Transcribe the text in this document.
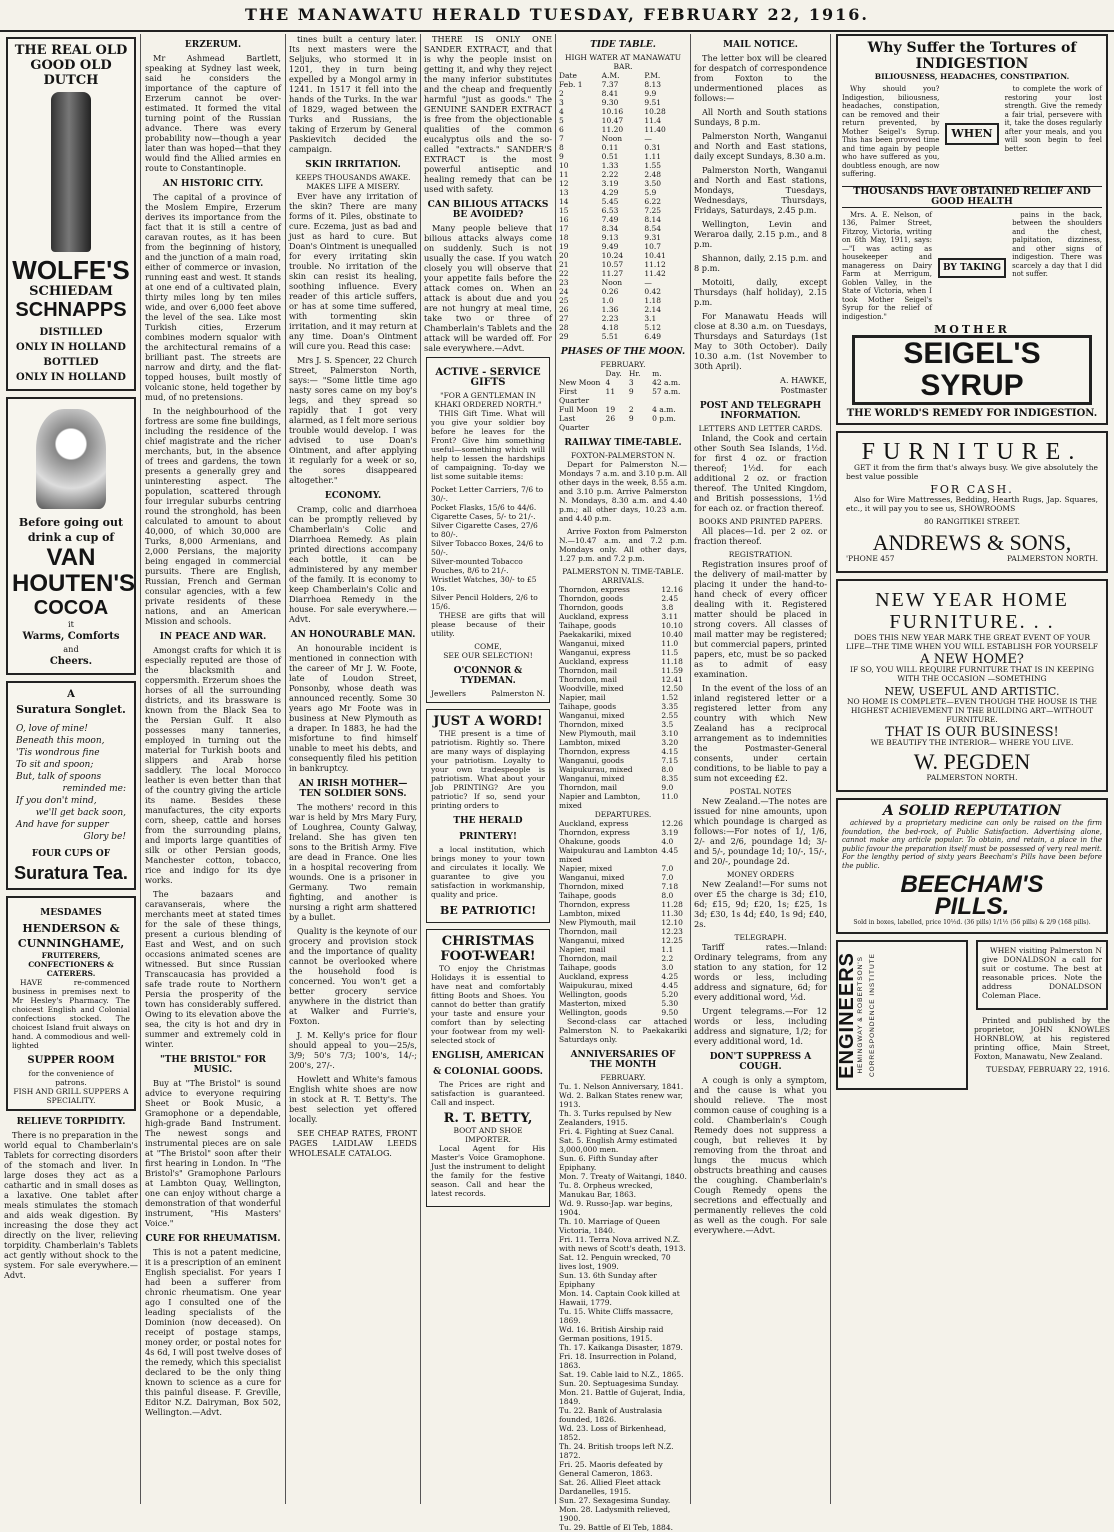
THE MANAWATU HERALD TUESDAY, FEBRUARY 22, 1916.
THE REAL OLD
GOOD OLD
DUTCH
WOLFE'S
SCHIEDAM
SCHNAPPS
DISTILLED
ONLY IN HOLLAND
BOTTLED
ONLY IN HOLLAND
Before going out
drink a cup of
VAN
HOUTEN'S
COCOA
it
Warms, Comforts
and
Cheers.
A
Suratura Songlet.
O, love of mine!
Beneath this moon,
'Tis wondrous fine
To sit and spoon;
But, talk of spoons
reminded me:
If you don't mind,
we'll get back soon,
And have for supper
Glory be!
FOUR CUPS OF
Suratura Tea.
MESDAMES
HENDERSON &
CUNNINGHAME,
FRUITERERS, CONFECTIONERS & CATERERS.

HAVE re-commenced business in premises next to Mr Hesley's Pharmacy. The choicest English and Colonial confections stocked. The choicest Island fruit always on hand. A commodious and well-lighted

SUPPER ROOM
for the convenience of patrons.
FISH AND GRILL SUPPERS A SPECIALITY.
RELIEVE TORPIDITY.

There is no preparation in the world equal to Chamberlain's Tablets for correcting disorders of the stomach and liver. In large doses they act as a cathartic and in small doses as a laxative. One tablet after meals stimulates the stomach and aids weak digestion. By increasing the dose they act directly on the liver, relieving torpidity. Chamberlain's Tablets act gently without shock to the system. For sale everywhere.—Advt.

ERZERUM.

Mr Ashmead Bartlett, speaking at Sydney last week, said he considers the importance of the capture of Erzerum cannot be over-estimated. It formed the vital turning point of the Russian advance. There was every probability now—though a year later than was hoped—that they would find the Allied armies en route to Constantinople.

AN HISTORIC CITY.

The capital of a province of the Moslem Empire, Erzerum derives its importance from the fact that it is still a centre of caravan routes, as it has been from the beginning of history, and the junction of a main road, either of commerce or invasion, running east and west. It stands at one end of a cultivated plain, thirty miles long by ten miles wide, and over 6,000 feet above the level of the sea. Like most Turkish cities, Erzerum combines modern squalor with the architectural remains of a brilliant past. The streets are narrow and dirty, and the flat-topped houses, built mostly of volcanic stone, held together by mud, of no pretensions.

In the neighbourhood of the fortress are some fine buildings, including the residence of the chief magistrate and the richer merchants, but, in the absence of trees and gardens, the town presents a generally grey and uninteresting aspect. The population, scattered through four irregular suburbs centring round the stronghold, has been calculated to amount to about 40,000, of which 30,000 are Turks, 8,000 Armenians, and 2,000 Persians, the majority being engaged in commercial pursuits. There are English, Russian, French and German consular agencies, with a few private residents of these nations, and an American Mission and schools.

IN PEACE AND WAR.

Amongst crafts for which it is especially reputed are those of the blacksmith and coppersmith. Erzerum shoes the horses of all the surrounding districts, and its brassware is known from the Black Sea to the Persian Gulf. It also possesses many tanneries, employed in turning out the material for Turkish boots and slippers and Arab horse saddlery. The local Morocco leather is even better than that of the country giving the article its name. Besides these manufactures, the city exports corn, sheep, cattle and horses from the surrounding plains, and imports large quantities of silk or other Persian goods, Manchester cotton, tobacco, rice and indigo for its dye works.

The bazaars and caravanserais, where the merchants meet at stated times for the sale of these things, present a curious blending of East and West, and on such occasions animated scenes are witnessed. But since Russian Transcaucasia has provided a safe trade route to Northern Persia the prosperity of the town has considerably suffered. Owing to its elevation above the sea, the city is hot and dry in summer and extremely cold in winter.

"THE BRISTOL" FOR MUSIC.

Buy at "The Bristol" is sound advice to everyone requiring Sheet or Book Music, a Gramophone or a dependable, high-grade Band Instrument. The newest songs and instrumental pieces are on sale at "The Bristol" soon after their first hearing in London. In "The Bristol's" Gramophone Parlours at Lambton Quay, Wellington, one can enjoy without charge a demonstration of that wonderful instrument, "His Masters' Voice."

CURE FOR RHEUMATISM.

This is not a patent medicine, it is a prescription of an eminent English specialist. For years I had been a sufferer from chronic rheumatism. One year ago I consulted one of the leading specialists of the Dominion (now deceased). On receipt of postage stamps, money order, or postal notes for 4s 6d, I will post twelve doses of the remedy, which this specialist declared to be the only thing known to science as a cure for this painful disease. F. Greville, Editor N.Z. Dairyman, Box 502, Wellington.—Advt.

tines built a century later. Its next masters were the Seljuks, who stormed it in 1201, they in turn being expelled by a Mongol army in 1241. In 1517 it fell into the hands of the Turks. In the war of 1829, waged between the Turks and Russians, the taking of Erzerum by General Paskievitch decided the campaign.

SKIN IRRITATION.
KEEPS THOUSANDS AWAKE.
MAKES LIFE A MISERY.

Ever have any irritation of the skin? There are many forms of it. Piles, obstinate to cure. Eczema, just as bad and just as hard to cure. But Doan's Ointment is unequalled for every irritating skin trouble. No irritation of the skin can resist its healing, soothing influence. Every reader of this article suffers, or has at some time suffered, with tormenting skin irritation, and it may return at any time. Doan's Ointment will cure you. Read this case:

Mrs J. S. Spencer, 22 Church Street, Palmerston North, says:— "Some little time ago nasty sores came on my boy's legs, and they spread so rapidly that I got very alarmed, as I felt more serious trouble would develop. I was advised to use Doan's Ointment, and after applying it regularly for a week or so, the sores disappeared altogether."

ECONOMY.

Cramp, colic and diarrhoea can be promptly relieved by Chamberlain's Colic and Diarrhoea Remedy. As plain printed directions accompany each bottle, it can be administered by any member of the family. It is economy to keep Chamberlain's Colic and Diarrhoea Remedy in the house. For sale everywhere.—Advt.

AN HONOURABLE MAN.

An honourable incident is mentioned in connection with the career of Mr J. W. Foote, late of Loudon Street, Ponsonby, whose death was announced recently. Some 30 years ago Mr Foote was in business at New Plymouth as a draper. In 1883, he had the misfortune to find himself unable to meet his debts, and consequently filed his petition in bankruptcy.

AN IRISH MOTHER—TEN SOLDIER SONS.

The mothers' record in this war is held by Mrs Mary Fury, of Loughrea, County Galway, Ireland. She has given ten sons to the British Army. Five are dead in France. One lies in a hospital recovering from wounds. One is a prisoner in Germany. Two remain fighting, and another is nursing a right arm shattered by a bullet.

Quality is the keynote of our grocery and provision stock and the importance of quality cannot be overlooked where the household food is concerned. You won't get a better grocery service anywhere in the district than at Walker and Furrie's, Foxton.

J. M. Kelly's price for flour should appeal to you—25/s, 3/9; 50's 7/3; 100's, 14/-; 200's, 27/-.

Howlett and White's famous English white shoes are now in stock at R. T. Betty's. The best selection yet offered locally.

SEE CHEAP RATES, FRONT PAGES LAIDLAW LEEDS WHOLESALE CATALOG.

THERE IS ONLY ONE SANDER EXTRACT, and that is why the people insist on getting it, and why they reject the many inferior substitutes and the cheap and frequently harmful "just as goods." The GENUINE SANDER EXTRACT is free from the objectionable qualities of the common eucalyptus oils and the so-called "extracts." SANDER'S EXTRACT is the most powerful antiseptic and healing remedy that can be used with safety.

CAN BILIOUS ATTACKS BE AVOIDED?

Many people believe that bilious attacks always come on suddenly. Such is not usually the case. If you watch closely you will observe that your appetite fails before the attack comes on. When an attack is about due and you are not hungry at meal time, take two or three of Chamberlain's Tablets and the attack will be warded off. For sale everywhere.—Advt.

ACTIVE - SERVICE GIFTS
"FOR A GENTLEMAN IN KHAKI ORDERED NORTH."

THIS Gift Time. What will you give your soldier boy before he leaves for the Front? Give him something useful—something which will help to lessen the hardships of campaigning. To-day we list some suitable items:

Pocket Letter Carriers, 7/6 to 30/-.
Pocket Flasks, 15/6 to 44/6.
Cigarette Cases, 5/- to 21/-.
Silver Cigarette Cases, 27/6 to 80/-.
Silver Tobacco Boxes, 24/6 to 50/-.
Silver-mounted Tobacco Pouches, 8/6 to 21/-.
Wristlet Watches, 30/- to £5 10s.
Silver Pencil Holders, 2/6 to 15/6.

THESE are gifts that will please because of their utility.

COME,
SEE OUR SELECTION!
O'CONNOR & TYDEMAN.
Jewellers	Palmerston N.
JUST A WORD!

THE present is a time of patriotism. Rightly so. There are many ways of displaying your patriotism. Loyalty to your own tradespeople is patriotism. What about your Job PRINTING? Are you patriotic? If so, send your printing orders to

THE HERALD
PRINTERY!

a local institution, which brings money to your town and circulates it locally. We guarantee to give you satisfaction in workmanship, quality and price.

BE PATRIOTIC!
CHRISTMAS
FOOT-WEAR!

TO enjoy the Christmas Holidays it is essential to have neat and comfortably fitting Boots and Shoes. You cannot do better than gratify your taste and ensure your comfort than by selecting your footwear from my well-selected stock of

ENGLISH, AMERICAN
& COLONIAL GOODS.

The Prices are right and satisfaction is guaranteed. Call and inspect.

R. T. BETTY,
BOOT AND SHOE
IMPORTER.

Local Agent for His Master's Voice Gramophone. Just the instrument to delight the family for the festive season. Call and hear the latest records.

TIDE TABLE.
HIGH WATER AT MANAWATU BAR.
Date	A.M.	P.M.
Feb. 1	7.37	8.13
2	8.41	9.9
3	9.30	9.51
4	10.16	10.28
5	10.47	11.4
6	11.20	11.40
7	Noon	—
8	0.11	0.31
9	0.51	1.11
10	1.33	1.55
11	2.22	2.48
12	3.19	3.50
13	4.29	5.9
14	5.45	6.22
15	6.53	7.25
16	7.49	8.14
17	8.34	8.54
18	9.13	9.31
19	9.49	10.7
20	10.24	10.41
21	10.57	11.12
22	11.27	11.42
23	Noon	—
24	0.26	0.42
25	1.0	1.18
26	1.36	2.14
27	2.23	3.1
28	4.18	5.12
29	5.51	6.49
PHASES OF THE MOON.
FEBRUARY.
Day. Hr.	m.
New Moon 4	3	42 a.m.
First Quarter
11	9	57 a.m.
Full Moon	19	2	4 a.m.
Last Quarter
26	9	0 p.m.
RAILWAY TIME-TABLE.
FOXTON-PALMERSTON N.

Depart for Palmerston N.—Mondays 7 a.m. and 3.10 p.m. All other days in the week, 8.55 a.m. and 3.10 p.m. Arrive Palmerston N. Mondays, 8.30 a.m. and 4.40 p.m.; all other days, 10.23 a.m. and 4.40 p.m.

Arrive Foxton from Palmerston N.—10.47 a.m. and 7.2 p.m. Mondays only. All other days, 1.27 p.m. and 7.2 p.m.

PALMERSTON N. TIME-TABLE.
ARRIVALS.
Thorndon, express	12.16
Thorndon, goods	2.45
Thorndon, goods	3.8
Auckland, express	3.11
Taihape, goods	10.10
Paekakariki, mixed	10.40
Wanganui, mixed	11.0
Wanganui, express	11.5
Auckland, express	11.18
Thorndon, mail	11.59
Thorndon, mail	12.41
Woodville, mixed	12.50
Napier, mail	1.52
Taihape, goods	3.35
Wanganui, mixed	2.55
Thorndon, mixed	3.5
New Plymouth, mail	3.10
Lambton, mixed	3.20
Thorndon, express	4.15
Wanganui, goods	7.15
Waipukurau, mixed	8.0
Wanganui, mixed	8.35
Thorndon, mail	9.0
Napier and Lambton, mixed
11.0
DEPARTURES.
Auckland, express	12.26
Thorndon, express	3.19
Ohakune, goods	4.0
Waipukurau and Lambton mixed
4.45
Napier, mixed	7.0
Wanganui, mixed	7.0
Thorndon, mixed	7.18
Taihape, goods	8.0
Thorndon, express	11.28
Lambton, mixed	11.30
New Plymouth, mail	12.10
Thorndon, mail	12.23
Wanganui, mixed	12.25
Napier, mail	1.1
Thorndon, mail	2.2
Taihape, goods	3.0
Auckland, express	4.25
Waipukurau, mixed	4.45
Wellington, goods	5.20
Masterton, mixed	5.30
Wellington, goods	9.50

Second-class car attached Palmerston N. to Paekakariki Saturdays only.

ANNIVERSARIES OF THE MONTH
FEBRUARY.
Tu. 1. Nelson Anniversary, 1841.
Wd. 2. Balkan States renew war, 1913.
Th. 3. Turks repulsed by New Zealanders, 1915.
Fri. 4. Fighting at Suez Canal.
Sat. 5. English Army estimated 3,000,000 men.
Sun. 6. Fifth Sunday after Epiphany.
Mon. 7. Treaty of Waitangi, 1840.
Tu. 8. Orpheus wrecked, Manukau Bar, 1863.
Wd. 9. Russo-Jap. war begins, 1904.
Th. 10. Marriage of Queen Victoria, 1840.
Fri. 11. Terra Nova arrived N.Z. with news of Scott's death, 1913.
Sat. 12. Penguin wrecked, 70 lives lost, 1909.
Sun. 13. 6th Sunday after Epiphany
Mon. 14. Captain Cook killed at Hawaii, 1779.
Tu. 15. White Cliffs massacre, 1869.
Wd. 16. British Airship raid German positions, 1915.
Th. 17. Kaikanga Disaster, 1879.
Fri. 18. Insurrection in Poland, 1863.
Sat. 19. Cable laid to N.Z., 1865.
Sun. 20. Septuagesima Sunday.
Mon. 21. Battle of Gujerat, India, 1849.
Tu. 22. Bank of Australasia founded, 1826.
Wd. 23. Loss of Birkenhead, 1852.
Th. 24. British troops left N.Z. 1872.
Fri. 25. Maoris defeated by General Cameron, 1863.
Sat. 26. Allied Fleet attack Dardanelles, 1915.
Sun. 27. Sexagesima Sunday.
Mon. 28. Ladysmith relieved, 1900.
Tu. 29. Battle of El Teb, 1884.
MAIL NOTICE.

The letter box will be cleared for despatch of correspondence from Foxton to the undermentioned places as follows:—

All North and South stations Sundays, 8 p.m.

Palmerston North, Wanganui and North and East stations, daily except Sundays, 8.30 a.m.

Palmerston North, Wanganui and North and East stations, Mondays, Tuesdays, Wednesdays, Thursdays, Fridays, Saturdays, 2.45 p.m.

Wellington, Levin and Weraroa daily, 2.15 p.m., and 8 p.m.

Shannon, daily, 2.15 p.m. and 8 p.m.

Motoiti, daily, except Thursdays (half holiday), 2.15 p.m.

For Manawatu Heads will close at 8.30 a.m. on Tuesdays, Thursdays and Saturdays (1st May to 30th October). Daily 10.30 a.m. (1st November to 30th April).

A. HAWKE,
Postmaster
POST AND TELEGRAPH INFORMATION.
LETTERS AND LETTER CARDS.

Inland, the Cook and certain other South Sea Islands, 1½d. for first 4 oz. or fraction thereof; 1½d. for each additional 2 oz. or fraction thereof. The United Kingdom, and British possessions, 1½d for each oz. or fraction thereof.

BOOKS AND PRINTED PAPERS.

All places—1d. per 2 oz. or fraction thereof.

REGISTRATION.

Registration insures proof of the delivery of mail-matter by placing it under the hand-to-hand check of every officer dealing with it. Registered matter should be placed in strong covers. All classes of mail matter may be registered; but commercial papers, printed papers, etc, must be so packed as to admit of easy examination.

In the event of the loss of an inland registered letter or a registered letter from any country with which New Zealand has a reciprocal arrangement as to indemnities the Postmaster-General consents, under certain conditions, to be liable to pay a sum not exceeding £2.

POSTAL NOTES

New Zealand.—The notes are issued for nine amounts, upon which poundage is charged as follows:—For notes of 1/, 1/6, 2/- and 2/6, poundage 1d; 3/- and 5/-, poundage 1d; 10/-, 15/-, and 20/-, poundage 2d.

MONEY ORDERS

New Zealand!—For sums not over £5 the charge is 3d; £10, 6d; £15, 9d; £20, 1s; £25, 1s 3d; £30, 1s 4d; £40, 1s 9d; £40, 2s.

TELEGRAPH.

Tariff rates.—Inland: Ordinary telegrams, from any station to any station, for 12 words or less, including address and signature, 6d; for every additional word, ½d.

Urgent telegrams.—For 12 words or less, including address and signature, 1/2; for every additional word, 1d.

DON'T SUPPRESS A COUGH.

A cough is only a symptom, and the cause is what you should relieve. The most common cause of coughing is a cold. Chamberlain's Cough Remedy does not suppress a cough, but relieves it by removing from the throat and lungs the mucus which obstructs breathing and causes the coughing. Chamberlain's Cough Remedy opens the secretions and effectually and permanently relieves the cold as well as the cough. For sale everywhere.—Advt.

Why Suffer the Tortures of INDIGESTION
BILIOUSNESS, HEADACHES, CONSTIPATION.

Why should you? Indigestion, biliousness, headaches, constipation, can be removed and their return prevented, by Mother Seigel's Syrup. This has been proved time and time again by people who have suffered as you, doubtless enough, are now suffering.

WHEN

to complete the work of restoring your lost strength. Give the remedy a fair trial, persevere with it, take the doses regularly after your meals, and you will soon begin to feel better.

THOUSANDS HAVE OBTAINED RELIEF AND GOOD HEALTH

Mrs. A. E. Nelson, of 136, Palmer Street, Fitzroy, Victoria, writing on 6th May, 1911, says:—"I was acting as housekeeper and manageress on Dairy Farm at Merrigum, Goblen Valley, in the State of Victoria, when I took Mother Seigel's Syrup for the relief of indigestion."

BY TAKING

pains in the back, between the shoulders and the chest, palpitation, dizziness, and other signs of indigestion. There was scarcely a day that I did not suffer.

MOTHER
SEIGEL'S SYRUP
THE WORLD'S REMEDY FOR INDIGESTION.
FURNITURE.

GET it from the firm that's always busy. We give absolutely the best value possible

FOR CASH.

Also for Wire Mattresses, Bedding, Hearth Rugs, Jap. Squares, etc., it will pay you to see us, SHOWROOMS

80 RANGITIKEI STREET.
ANDREWS & SONS,
'PHONE 457	PALMERSTON NORTH.
NEW YEAR HOME
FURNITURE. . .

DOES THIS NEW YEAR MARK THE GREAT EVENT OF YOUR LIFE—THE TIME WHEN YOU WILL ESTABLISH FOR YOURSELF

A NEW HOME?

IF SO, YOU WILL REQUIRE FURNITURE THAT IS IN KEEPING WITH THE OCCASION —SOMETHING

NEW, USEFUL AND ARTISTIC.

NO HOME IS COMPLETE—EVEN THOUGH THE HOUSE IS THE HIGHEST ACHIEVEMENT IN THE BUILDING ART—WITHOUT FURNITURE.

THAT IS OUR BUSINESS!

WE BEAUTIFY THE INTERIOR— WHERE YOU LIVE.

W. PEGDEN
PALMERSTON NORTH.
A SOLID REPUTATION

achieved by a proprietary medicine can only be raised on the firm foundation, the bed-rock, of Public Satisfaction. Advertising alone, cannot make any article popular. To obtain, and retain, a place in the public favour the preparation itself must be possessed of very real merit. For the lengthy period of sixty years Beecham's Pills have been before the public.

BEECHAM'S
PILLS.
Sold in boxes, labelled, price 10½d. (36 pills) 1/1½ (56 pills) & 2/9 (168 pills).
ENGINEERS HEMINGWAY & ROBERTSON'S CORRESPONDENCE INSTITUTE

WHEN visiting Palmerston N give DONALDSON a call for suit or costume. The best at reasonable prices. Note the address DONALDSON Coleman Place.

Printed and published by the proprietor, JOHN KNOWLES HORNBLOW, at his registered printing office, Main Street, Foxton, Manawatu, New Zealand.

TUESDAY, FEBRUARY 22, 1916.
